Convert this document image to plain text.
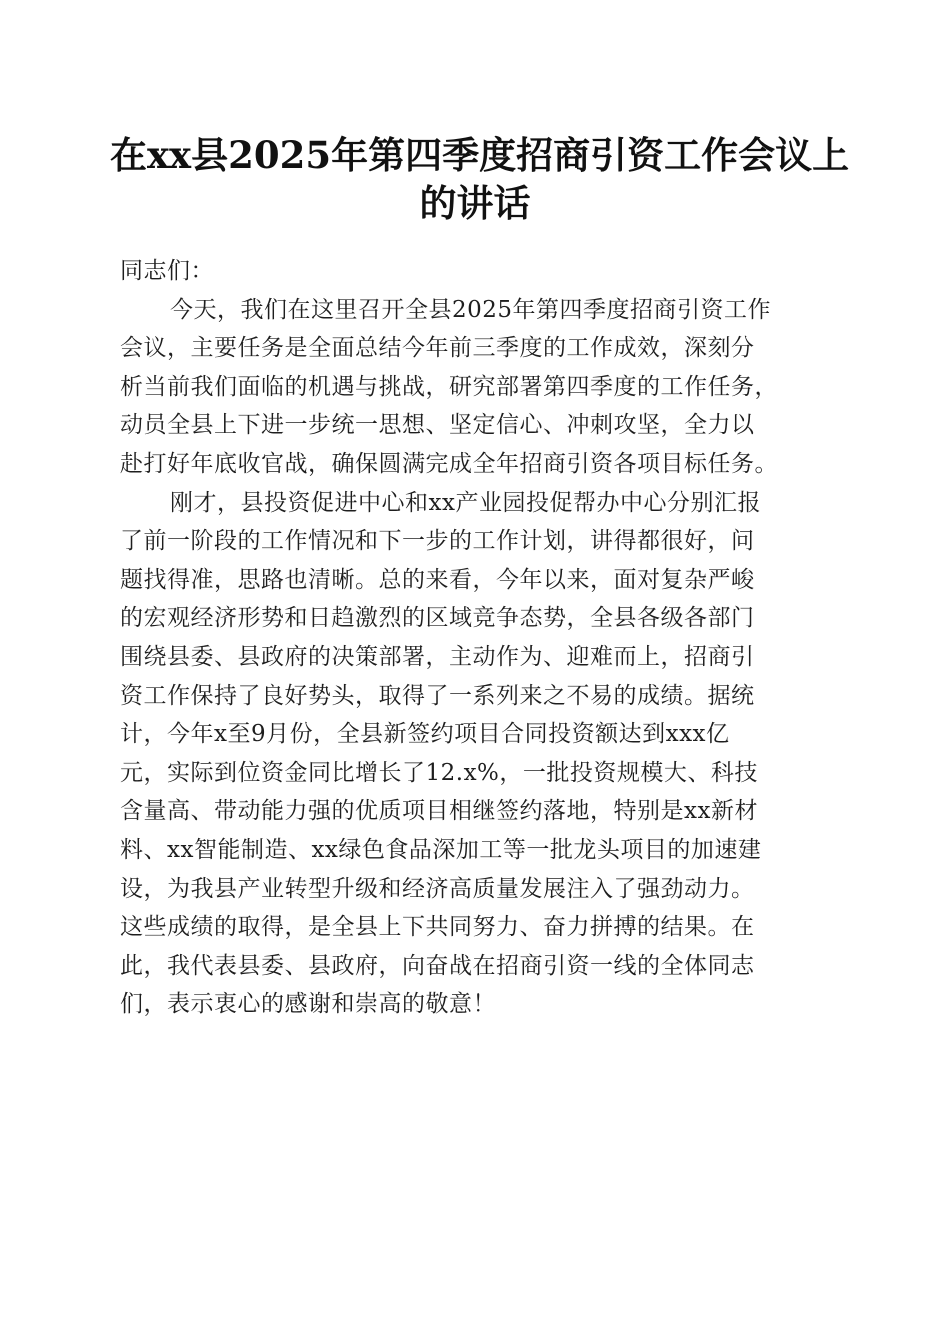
在xx县2025年第四季度招商引资工作会议上
的讲话
同志们：
今天，我们在这里召开全县2025年第四季度招商引资工作
会议，主要任务是全面总结今年前三季度的工作成效，深刻分
析当前我们面临的机遇与挑战，研究部署第四季度的工作任务，
动员全县上下进一步统一思想、坚定信心、冲刺攻坚，全力以
赴打好年底收官战，确保圆满完成全年招商引资各项目标任务。
刚才，县投资促进中心和xx产业园投促帮办中心分别汇报
了前一阶段的工作情况和下一步的工作计划，讲得都很好，问
题找得准，思路也清晰。总的来看，今年以来，面对复杂严峻
的宏观经济形势和日趋激烈的区域竞争态势，全县各级各部门
围绕县委、县政府的决策部署，主动作为、迎难而上，招商引
资工作保持了良好势头，取得了一系列来之不易的成绩。据统
计，今年x至9月份，全县新签约项目合同投资额达到xxx亿
元，实际到位资金同比增长了12.x%，一批投资规模大、科技
含量高、带动能力强的优质项目相继签约落地，特别是xx新材
料、xx智能制造、xx绿色食品深加工等一批龙头项目的加速建
设，为我县产业转型升级和经济高质量发展注入了强劲动力。
这些成绩的取得，是全县上下共同努力、奋力拼搏的结果。在
此，我代表县委、县政府，向奋战在招商引资一线的全体同志
们，表示衷心的感谢和崇高的敬意！
